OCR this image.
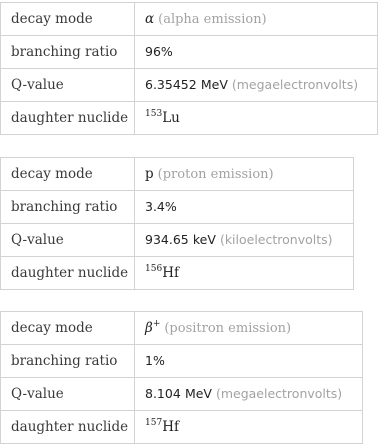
decay mode	α (alpha emission)
branching ratio	96%
Q-value	6.35452 MeV (megaelectronvolts)
daughter nuclide	$^{153}$Lu
decay mode	p (proton emission)
branching ratio	3.4%
Q-value	934.65 keV (kiloelectronvolts)
daughter nuclide	$^{156}$Hf
decay mode	β+ (positron emission)
branching ratio	1%
Q-value	8.104 MeV (megaelectronvolts)
daughter nuclide	$^{157}$Hf
